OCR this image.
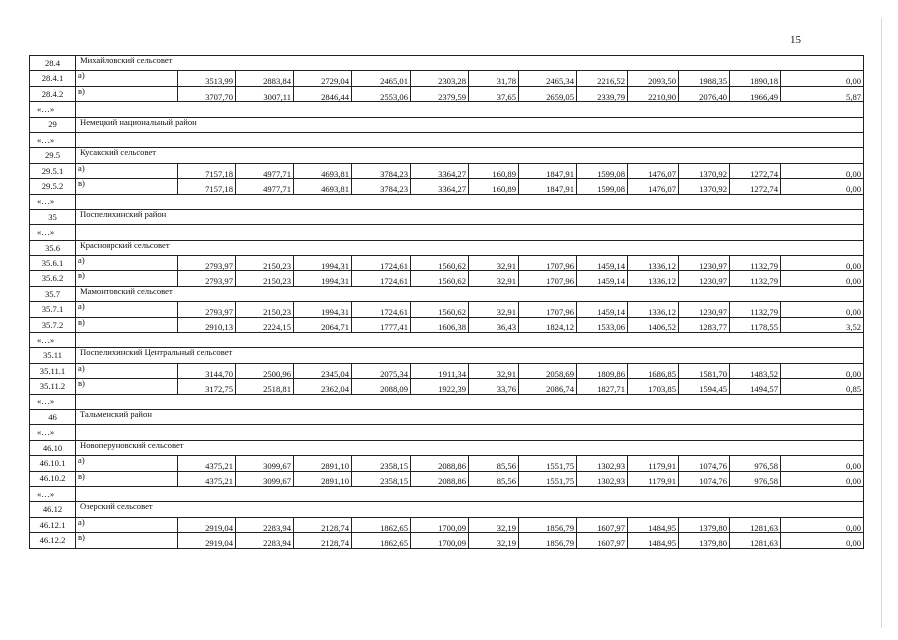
15
28.4	Михайловский сельсовет												
28.4.1	а)	3513,99	2883,84	2729,04	2465,01	2303,28	31,78	2465,34	2216,52	2093,50	1988,35	1890,18	0,00
28.4.2	в)	3707,70	3007,11	2846,44	2553,06	2379,59	37,65	2659,05	2339,79	2210,90	2076,40	1966,49	5,87
«…»													
29	Немецкий национальный район												
«…»													
29.5	Кусакский сельсовет												
29.5.1	а)	7157,18	4977,71	4693,81	3784,23	3364,27	160,89	1847,91	1599,08	1476,07	1370,92	1272,74	0,00
29.5.2	в)	7157,18	4977,71	4693,81	3784,23	3364,27	160,89	1847,91	1599,08	1476,07	1370,92	1272,74	0,00
«…»													
35	Поспелихинский район												
«…»													
35.6	Красноярский сельсовет												
35.6.1	а)	2793,97	2150,23	1994,31	1724,61	1560,62	32,91	1707,96	1459,14	1336,12	1230,97	1132,79	0,00
35.6.2	в)	2793,97	2150,23	1994,31	1724,61	1560,62	32,91	1707,96	1459,14	1336,12	1230,97	1132,79	0,00
35.7	Мамонтовский сельсовет												
35.7.1	а)	2793,97	2150,23	1994,31	1724,61	1560,62	32,91	1707,96	1459,14	1336,12	1230,97	1132,79	0,00
35.7.2	в)	2910,13	2224,15	2064,71	1777,41	1606,38	36,43	1824,12	1533,06	1406,52	1283,77	1178,55	3,52
«…»													
35.11	Поспелихинский Центральный сельсовет												
35.11.1	а)	3144,70	2500,96	2345,04	2075,34	1911,34	32,91	2058,69	1809,86	1686,85	1581,70	1483,52	0,00
35.11.2	в)	3172,75	2518,81	2362,04	2088,09	1922,39	33,76	2086,74	1827,71	1703,85	1594,45	1494,57	0,85
«…»													
46	Тальменский район												
«…»													
46.10	Новоперуновский сельсовет												
46.10.1	а)	4375,21	3099,67	2891,10	2358,15	2088,86	85,56	1551,75	1302,93	1179,91	1074,76	976,58	0,00
46.10.2	в)	4375,21	3099,67	2891,10	2358,15	2088,86	85,56	1551,75	1302,93	1179,91	1074,76	976,58	0,00
«…»													
46.12	Озерский сельсовет												
46.12.1	а)	2919,04	2283,94	2128,74	1862,65	1700,09	32,19	1856,79	1607,97	1484,95	1379,80	1281,63	0,00
46.12.2	в)	2919,04	2283,94	2128,74	1862,65	1700,09	32,19	1856,79	1607,97	1484,95	1379,80	1281,63	0,00
